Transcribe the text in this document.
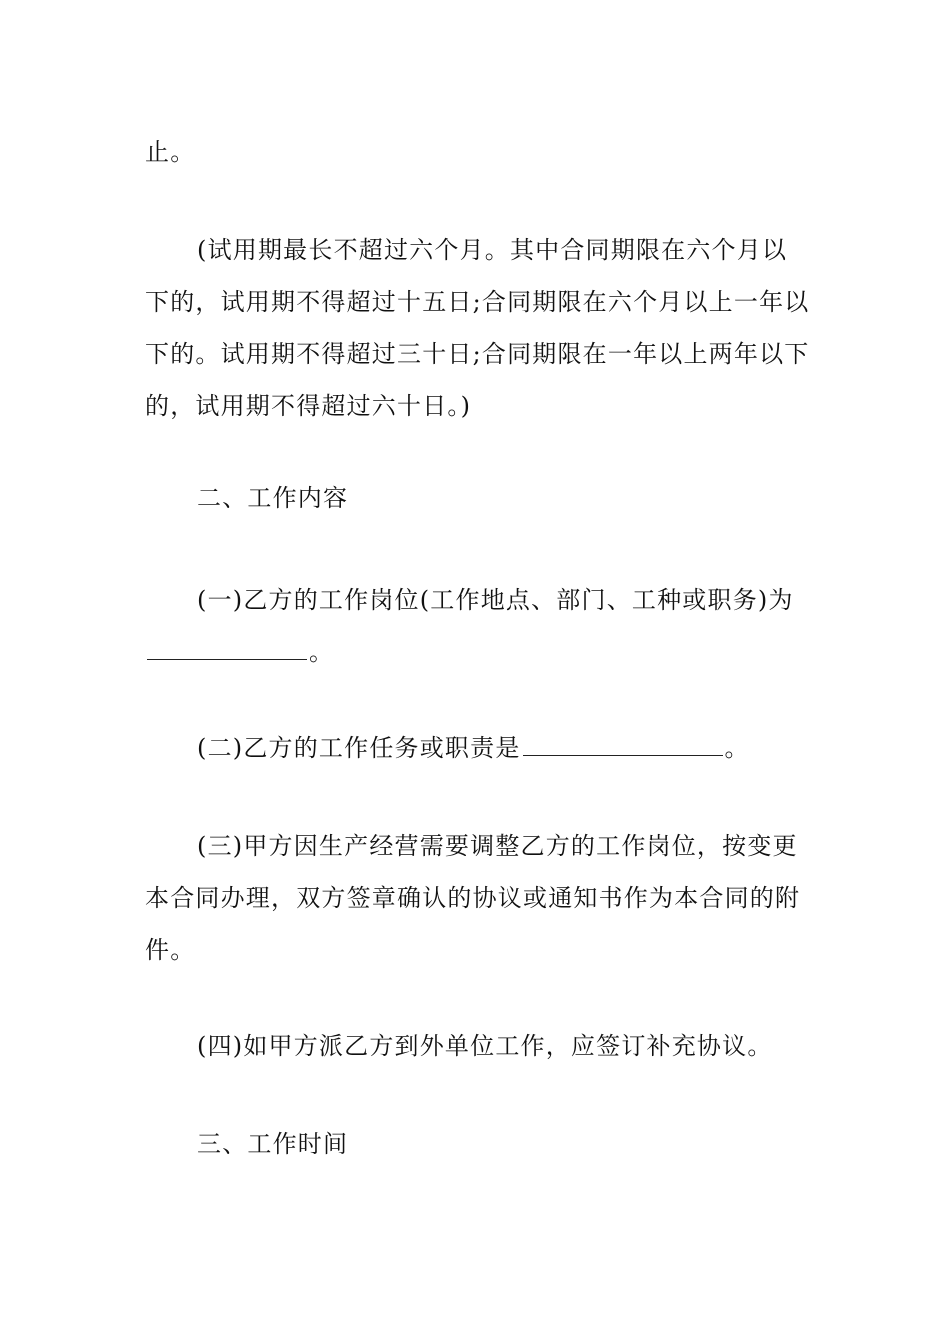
止。

(试用期最长不超过六个月。其中合同期限在六个月以下的，试用期不得超过十五日;合同期限在六个月以上一年以下的。试用期不得超过三十日;合同期限在一年以上两年以下的，试用期不得超过六十日。)

二、工作内容

(一)乙方的工作岗位(工作地点、部门、工种或职务)为。

(二)乙方的工作任务或职责是	。

(三)甲方因生产经营需要调整乙方的工作岗位，按变更本合同办理，双方签章确认的协议或通知书作为本合同的附件。

(四)如甲方派乙方到外单位工作，应签订补充协议。

三、工作时间
